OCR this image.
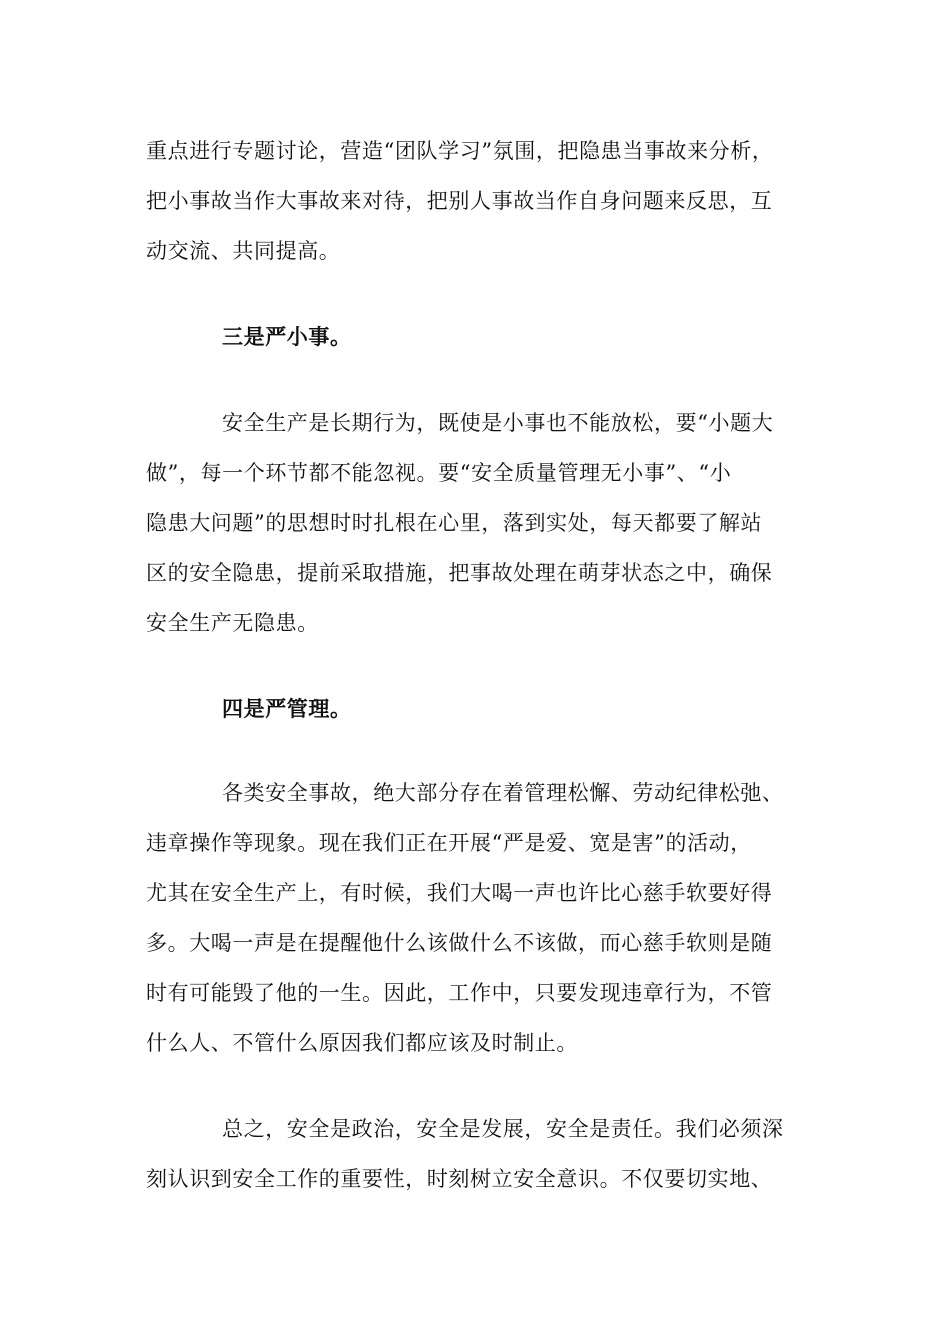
重点进行专题讨论，营造“团队学习”氛围，把隐患当事故来分析，
把小事故当作大事故来对待，把别人事故当作自身问题来反思，互
动交流、共同提高。
三是严小事。
安全生产是长期行为，既使是小事也不能放松，要“小题大
做”，每一个环节都不能忽视。要“安全质量管理无小事”、“小
隐患大问题”的思想时时扎根在心里，落到实处，每天都要了解站
区的安全隐患，提前采取措施，把事故处理在萌芽状态之中，确保
安全生产无隐患。
四是严管理。
各类安全事故，绝大部分存在着管理松懈、劳动纪律松弛、
违章操作等现象。现在我们正在开展“严是爱、宽是害”的活动，
尤其在安全生产上，有时候，我们大喝一声也许比心慈手软要好得
多。大喝一声是在提醒他什么该做什么不该做，而心慈手软则是随
时有可能毁了他的一生。因此，工作中，只要发现违章行为，不管
什么人、不管什么原因我们都应该及时制止。
总之，安全是政治，安全是发展，安全是责任。我们必须深
刻认识到安全工作的重要性，时刻树立安全意识。不仅要切实地、
